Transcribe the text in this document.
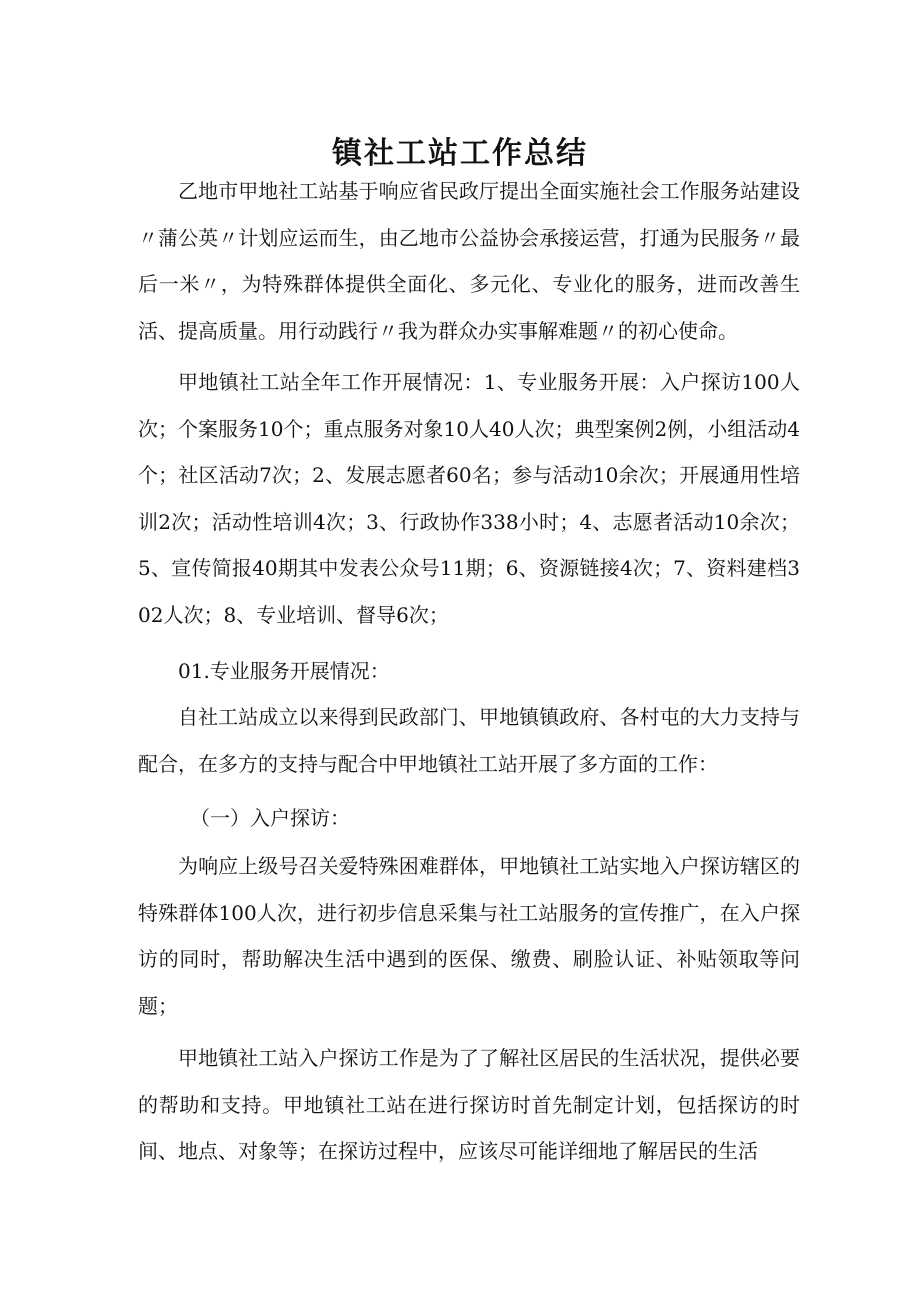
镇社工站工作总结

乙地市甲地社工站基于响应省民政厅提出全面实施社会工作服务站建设〃蒲公英〃计划应运而生，由乙地市公益协会承接运营，打通为民服务〃最后一米〃，为特殊群体提供全面化、多元化、专业化的服务，进而改善生活、提高质量。用行动践行〃我为群众办实事解难题〃的初心使命。

甲地镇社工站全年工作开展情况：1、专业服务开展：入户探访100人次；个案服务10个；重点服务对象10人40人次；典型案例2例，小组活动4个；社区活动7次；2、发展志愿者60名；参与活动10余次；开展通用性培训2次；活动性培训4次；3、行政协作338小时；4、志愿者活动10余次；5、宣传简报40期其中发表公众号11期；6、资源链接4次；7、资料建档302人次；8、专业培训、督导6次；

01.专业服务开展情况：

自社工站成立以来得到民政部门、甲地镇镇政府、各村屯的大力支持与配合，在多方的支持与配合中甲地镇社工站开展了多方面的工作：

（一）入户探访：

为响应上级号召关爱特殊困难群体，甲地镇社工站实地入户探访辖区的特殊群体100人次，进行初步信息采集与社工站服务的宣传推广，在入户探访的同时，帮助解决生活中遇到的医保、缴费、刷脸认证、补贴领取等问题；

甲地镇社工站入户探访工作是为了了解社区居民的生活状况，提供必要的帮助和支持。甲地镇社工站在进行探访时首先制定计划，包括探访的时间、地点、对象等；在探访过程中，应该尽可能详细地了解居民的生活
